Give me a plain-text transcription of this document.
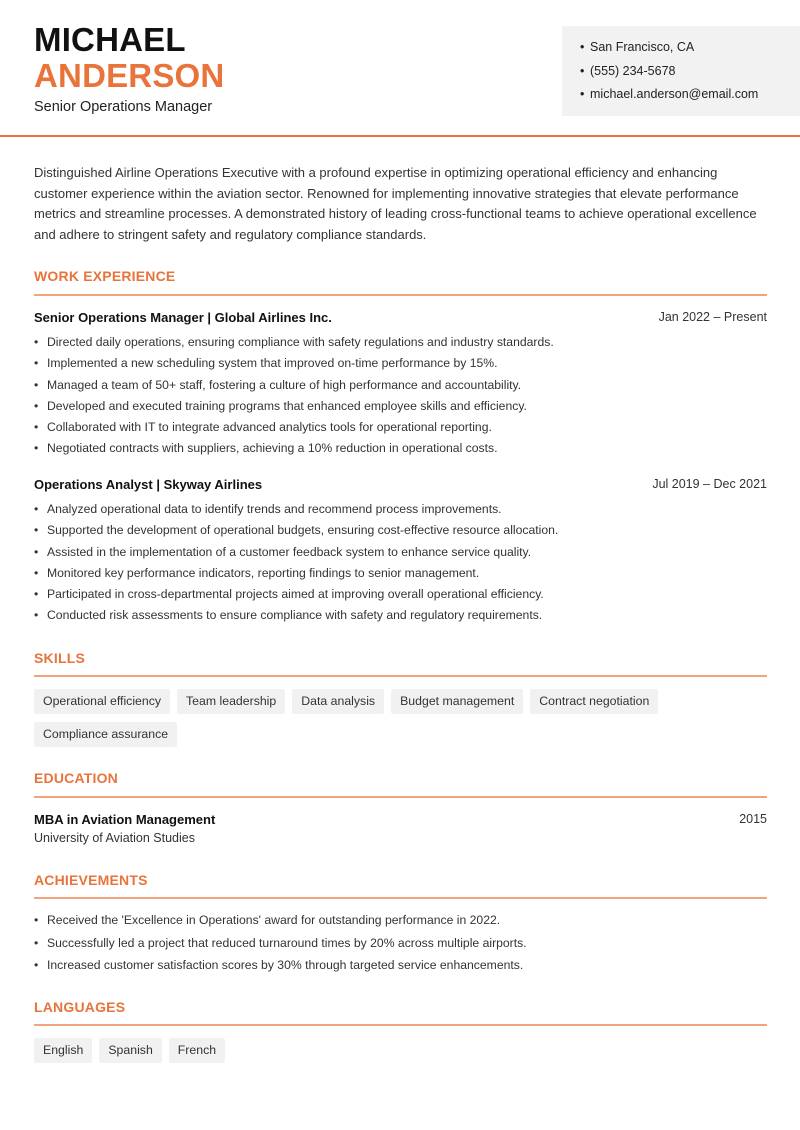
MICHAEL
ANDERSON
Senior Operations Manager
• San Francisco, CA
• (555) 234-5678
• michael.anderson@email.com

Distinguished Airline Operations Executive with a profound expertise in optimizing operational efficiency and enhancing customer experience within the aviation sector. Renowned for implementing innovative strategies that elevate performance metrics and streamline processes. A demonstrated history of leading cross-functional teams to achieve operational excellence and adhere to stringent safety and regulatory compliance standards.

WORK EXPERIENCE
Senior Operations Manager | Global Airlines Inc.	Jan 2022 – Present
• Directed daily operations, ensuring compliance with safety regulations and industry standards.
• Implemented a new scheduling system that improved on-time performance by 15%.
• Managed a team of 50+ staff, fostering a culture of high performance and accountability.
• Developed and executed training programs that enhanced employee skills and efficiency.
• Collaborated with IT to integrate advanced analytics tools for operational reporting.
• Negotiated contracts with suppliers, achieving a 10% reduction in operational costs.
Operations Analyst | Skyway Airlines	Jul 2019 – Dec 2021
• Analyzed operational data to identify trends and recommend process improvements.
• Supported the development of operational budgets, ensuring cost-effective resource allocation.
• Assisted in the implementation of a customer feedback system to enhance service quality.
• Monitored key performance indicators, reporting findings to senior management.
• Participated in cross-departmental projects aimed at improving overall operational efficiency.
• Conducted risk assessments to ensure compliance with safety and regulatory requirements.
SKILLS
Operational efficiency	Team leadership	Data analysis	Budget management	Contract negotiation
Compliance assurance
EDUCATION
MBA in Aviation Management	2015
University of Aviation Studies
ACHIEVEMENTS
• Received the 'Excellence in Operations' award for outstanding performance in 2022.
• Successfully led a project that reduced turnaround times by 20% across multiple airports.
• Increased customer satisfaction scores by 30% through targeted service enhancements.
LANGUAGES
English	Spanish	French
